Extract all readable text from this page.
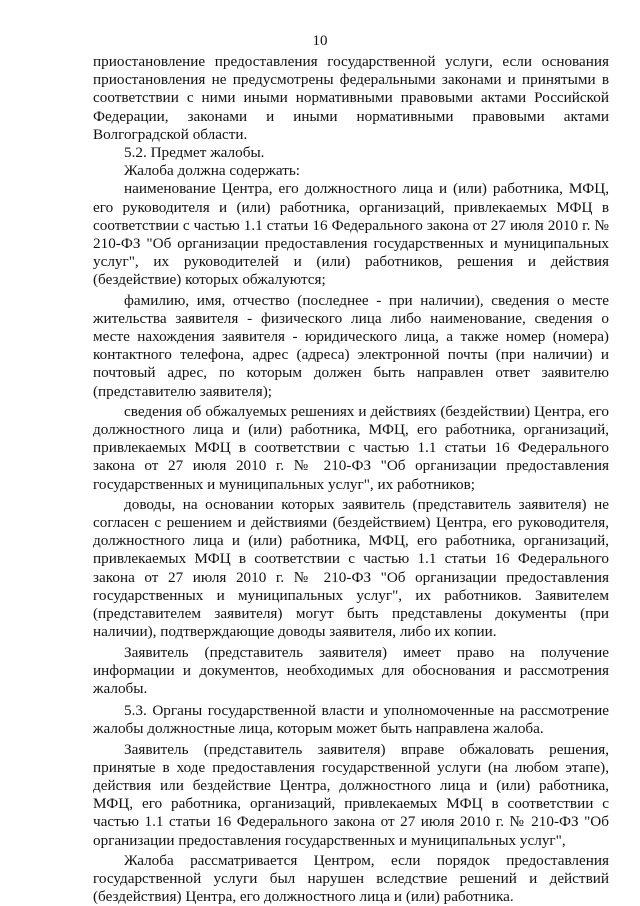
10

приостановление предоставления государственной услуги, если основания приостановления не предусмотрены федеральными законами и принятыми в соответствии с ними иными нормативными правовыми актами Российской Федерации, законами и иными нормативными правовыми актами Волгоградской области.

5.2. Предмет жалобы.

Жалоба должна содержать:

наименование Центра, его должностного лица и (или) работника, МФЦ, его руководителя и (или) работника, организаций, привлекаемых МФЦ в соответствии с частью 1.1 статьи 16 Федерального закона от 27 июля 2010 г. № 210-ФЗ "Об организации предоставления государственных и муниципальных услуг", их руководителей и (или) работников, решения и действия (бездействие) которых обжалуются;

фамилию, имя, отчество (последнее - при наличии), сведения о месте жительства заявителя - физического лица либо наименование, сведения о месте нахождения заявителя - юридического лица, а также номер (номера) контактного телефона, адрес (адреса) электронной почты (при наличии) и почтовый адрес, по которым должен быть направлен ответ заявителю (представителю заявителя);

сведения об обжалуемых решениях и действиях (бездействии) Центра, его должностного лица и (или) работника, МФЦ, его работника, организаций, привлекаемых МФЦ в соответствии с частью 1.1 статьи 16 Федерального закона от 27 июля 2010 г. № 210-ФЗ "Об организации предоставления государственных и муниципальных услуг", их работников;

доводы, на основании которых заявитель (представитель заявителя) не согласен с решением и действиями (бездействием) Центра, его руководителя, должностного лица и (или) работника, МФЦ, его работника, организаций, привлекаемых МФЦ в соответствии с частью 1.1 статьи 16 Федерального закона от 27 июля 2010 г. № 210-ФЗ "Об организации предоставления государственных и муниципальных услуг", их работников. Заявителем (представителем заявителя) могут быть представлены документы (при наличии), подтверждающие доводы заявителя, либо их копии.

Заявитель (представитель заявителя) имеет право на получение информации и документов, необходимых для обоснования и рассмотрения жалобы.

5.3. Органы государственной власти и уполномоченные на рассмотрение жалобы должностные лица, которым может быть направлена жалоба.

Заявитель (представитель заявителя) вправе обжаловать решения, принятые в ходе предоставления государственной услуги (на любом этапе), действия или бездействие Центра, должностного лица и (или) работника, МФЦ, его работника, организаций, привлекаемых МФЦ в соответствии с частью 1.1 статьи 16 Федерального закона от 27 июля 2010 г. № 210-ФЗ "Об организации предоставления государственных и муниципальных услуг",

Жалоба рассматривается Центром, если порядок предоставления государственной услуги был нарушен вследствие решений и действий (бездействия) Центра, его должностного лица и (или) работника.
